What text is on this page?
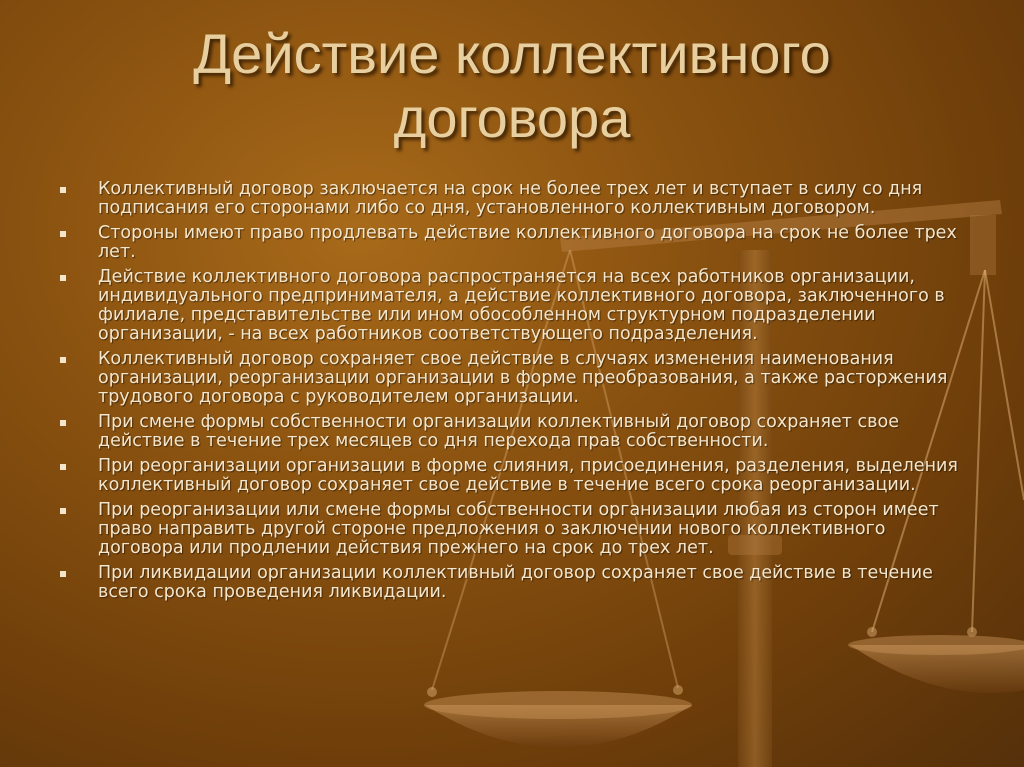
Действие коллективного
договора
Коллективный договор заключается на срок не более трех лет и вступает в силу со дня подписания его сторонами либо со дня, установленного коллективным договором.
Стороны имеют право продлевать действие коллективного договора на срок не более трех лет.
Действие коллективного договора распространяется на всех работников организации, индивидуального предпринимателя, а действие коллективного договора, заключенного в филиале, представительстве или ином обособленном структурном подразделении организации, - на всех работников соответствующего подразделения.
Коллективный договор сохраняет свое действие в случаях изменения наименования организации, реорганизации организации в форме преобразования, а также расторжения трудового договора с руководителем организации.
При смене формы собственности организации коллективный договор сохраняет свое действие в течение трех месяцев со дня перехода прав собственности.
При реорганизации организации в форме слияния, присоединения, разделения, выделения коллективный договор сохраняет свое действие в течение всего срока реорганизации.
При реорганизации или смене формы собственности организации любая из сторон имеет право направить другой стороне предложения о заключении нового коллективного договора или продлении действия прежнего на срок до трех лет.
При ликвидации организации коллективный договор сохраняет свое действие в течение всего срока проведения ликвидации.
